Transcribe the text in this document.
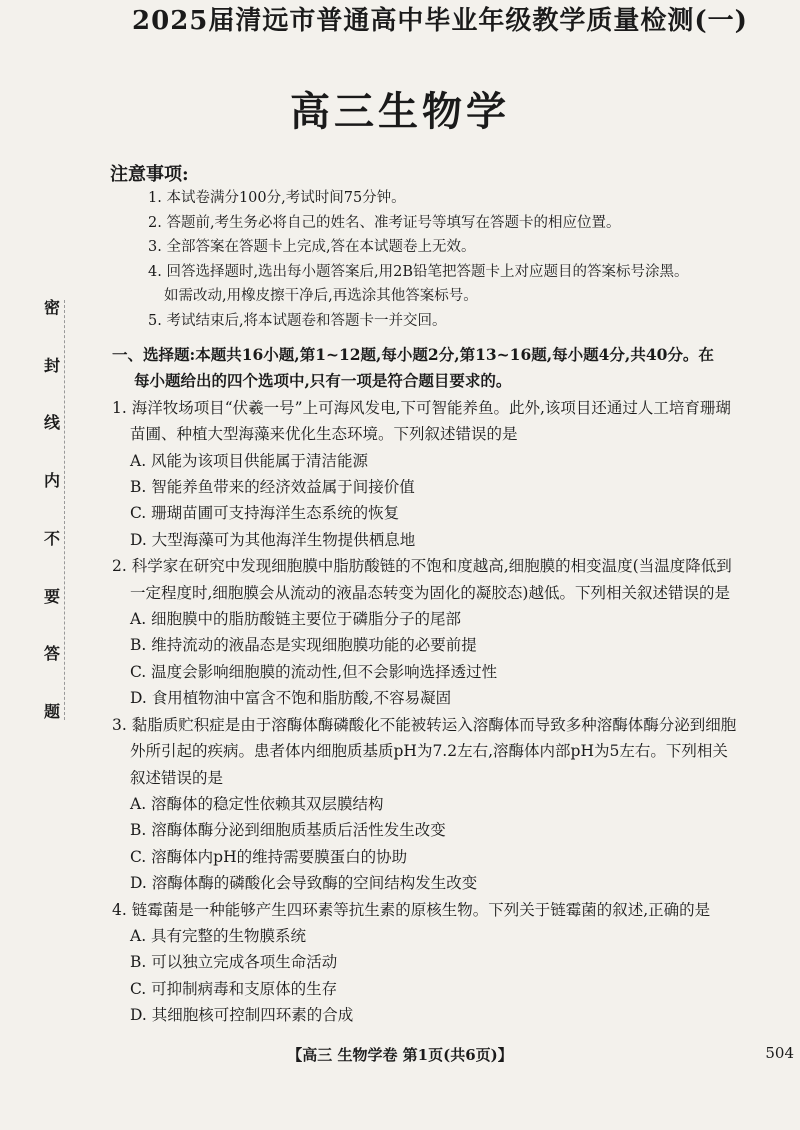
密
封
线
内
不
要
答
题
2025届清远市普通高中毕业年级教学质量检测(一)
高三生物学
注意事项:
1. 本试卷满分100分,考试时间75分钟。
2. 答题前,考生务必将自己的姓名、准考证号等填写在答题卡的相应位置。
3. 全部答案在答题卡上完成,答在本试题卷上无效。
4. 回答选择题时,选出每小题答案后,用2B铅笔把答题卡上对应题目的答案标号涂黑。
如需改动,用橡皮擦干净后,再选涂其他答案标号。
5. 考试结束后,将本试题卷和答题卡一并交回。
一、选择题:本题共16小题,第1~12题,每小题2分,第13~16题,每小题4分,共40分。在
每小题给出的四个选项中,只有一项是符合题目要求的。
1. 海洋牧场项目“伏羲一号”上可海风发电,下可智能养鱼。此外,该项目还通过人工培育珊瑚
苗圃、种植大型海藻来优化生态环境。下列叙述错误的是
A. 风能为该项目供能属于清洁能源
B. 智能养鱼带来的经济效益属于间接价值
C. 珊瑚苗圃可支持海洋生态系统的恢复
D. 大型海藻可为其他海洋生物提供栖息地
2. 科学家在研究中发现细胞膜中脂肪酸链的不饱和度越高,细胞膜的相变温度(当温度降低到
一定程度时,细胞膜会从流动的液晶态转变为固化的凝胶态)越低。下列相关叙述错误的是
A. 细胞膜中的脂肪酸链主要位于磷脂分子的尾部
B. 维持流动的液晶态是实现细胞膜功能的必要前提
C. 温度会影响细胞膜的流动性,但不会影响选择透过性
D. 食用植物油中富含不饱和脂肪酸,不容易凝固
3. 黏脂质贮积症是由于溶酶体酶磷酸化不能被转运入溶酶体而导致多种溶酶体酶分泌到细胞
外所引起的疾病。患者体内细胞质基质pH为7.2左右,溶酶体内部pH为5左右。下列相关
叙述错误的是
A. 溶酶体的稳定性依赖其双层膜结构
B. 溶酶体酶分泌到细胞质基质后活性发生改变
C. 溶酶体内pH的维持需要膜蛋白的协助
D. 溶酶体酶的磷酸化会导致酶的空间结构发生改变
4. 链霉菌是一种能够产生四环素等抗生素的原核生物。下列关于链霉菌的叙述,正确的是
A. 具有完整的生物膜系统
B. 可以独立完成各项生命活动
C. 可抑制病毒和支原体的生存
D. 其细胞核可控制四环素的合成
【高三 生物学卷 第1页(共6页)】	504
